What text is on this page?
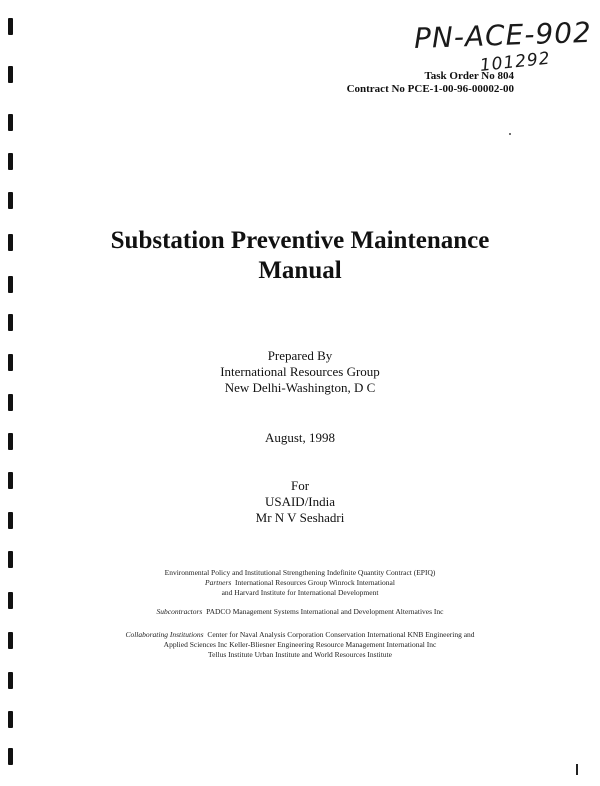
PN-ACE-902
101292
Task Order No 804
Contract No PCE-1-00-96-00002-00
Substation Preventive Maintenance
Manual
Prepared By
International Resources Group
New Delhi-Washington, D C
August, 1998
For
USAID/India
Mr N V Seshadri
Environmental Policy and Institutional Strengthening Indefinite Quantity Contract (EPIQ)
Partners International Resources Group Winrock International
and Harvard Institute for International Development
Subcontractors PADCO Management Systems International and Development Alternatives Inc
Collaborating Institutions Center for Naval Analysis Corporation Conservation International KNB Engineering and
Applied Sciences Inc Keller-Bliesner Engineering Resource Management International Inc
Tellus Institute Urban Institute and World Resources Institute
